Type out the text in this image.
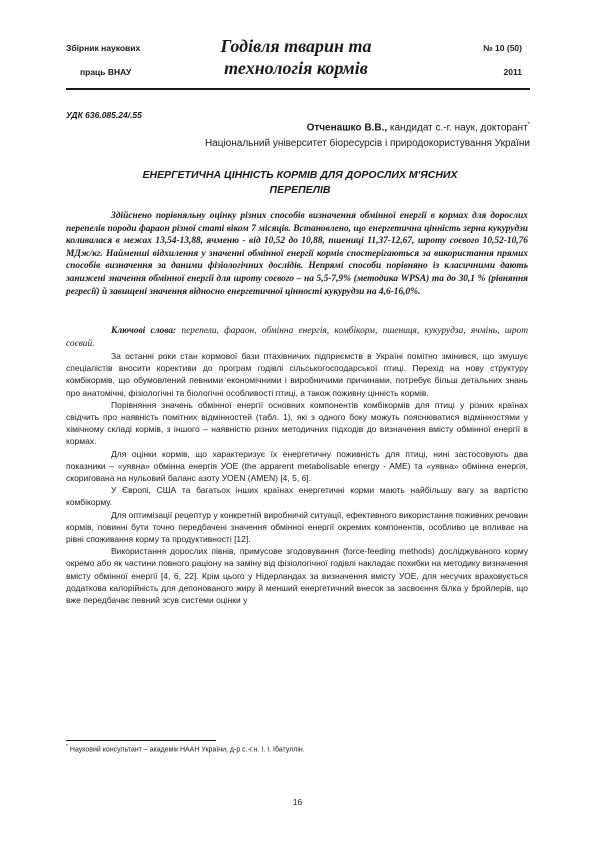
Збірник наукових
праць ВНАУ
Годівля тварин та
технологія кормів
№ 10 (50)
2011
УДК 636.085.24/.55
Отченашко В.В., кандидат с.-г. наук, докторант*
Національний університет біоресурсів і природокористування України
ЕНЕРГЕТИЧНА ЦІННІСТЬ КОРМІВ ДЛЯ ДОРОСЛИХ М'ЯСНИХ
ПЕРЕПЕЛІВ

Здійснено порівняльну оцінку різних способів визначення обмінної енергії в кормах для дорослих перепелів породи фараон різної статі віком 7 місяців. Встановлено, що енергетична цінність зерна кукурудзи коливалася в межах 13,54-13,88, ячменю - від 10,52 до 10,88, пшениці 11,37-12,67, шроту соєвого 10,52-10,76 МДж/кг. Найменші відхилення у значенні обмінної енергії кормів спостерігаються за використання прямих способів визначення за даними фізіологічних дослідів. Непрямі способи порівняно із класичними дають занижені значення обмінної енергії для шроту соєвого – на 5,5-7,9% (методика WPSA) та до 30,1 % (рівняння регресії) й завищені значення відносно енергетичної цінності кукурудзи на 4,6-16,0%.

Ключові слова: перепели, фараон, обмінна енергія, комбікорм, пшениця, кукурудза, ячмінь, шрот соєвий.

За останні роки стан кормової бази птахівничих підприємств в Україні помітно змінився, що змушує спеціалістів вносити корективи до програм годівлі сільськогосподарської птиці. Перехід на нову структуру комбікормів, що обумовлений певними економічними і виробничими причинами, потребує більш детальних знань про анатомічні, фізіологічні та біологічні особливості птиці, а також поживну цінність кормів.

Порівняння значень обмінної енергії основних компонентів комбікормів для птиці у різних країнах свідчить про наявність помітних відмінностей (табл. 1), які з одного боку можуть пояснюватися відмінностями у хімічному складі кормів, з іншого – наявністю різних методичних підходів до визначення вмісту обмінної енергії в кормах.

Для оцінки кормів, що характеризує їх енергетичну поживність для птиці, нині застосовують два показники – «уявна» обмінна енергія УОЕ (the apparent metabolisable energy - AME) та «уявна» обмінна енергія, скоригована на нульовий баланс азоту УОЕN (AMEN) [4, 5, 6].

У Європі, США та багатьох інших країнах енергетичні корми мають найбільшу вагу за вартістю комбікорму.

Для оптимізації рецептур у конкретній виробничій ситуації, ефективного використання поживних речовин кормів, повинні бути точно передбачені значення обмінної енергії окремих компонентів, особливо це впливає на рівні споживання корму та продуктивності [12].

Використання дорослих півнів, примусове згодовування (force-feeding methods) досліджуваного корму окремо або як частини повного раціону на заміну від фізіологічної годівлі накладає похибки на методику визначення вмісту обмінної енергії [4, 6, 22]. Крім цього у Нідерландах за визначення вмісту УОЕ, для несучих враховується додаткова калорійність для депонованого жиру й менший енергетичний внесок за засвоєння білка у бройлерів, що вже передбачає певний зсув системи оцінки у

* Науковий консультант – академік НААН України, д-р с.-г.н. І. І. Ібатуллін.
16
